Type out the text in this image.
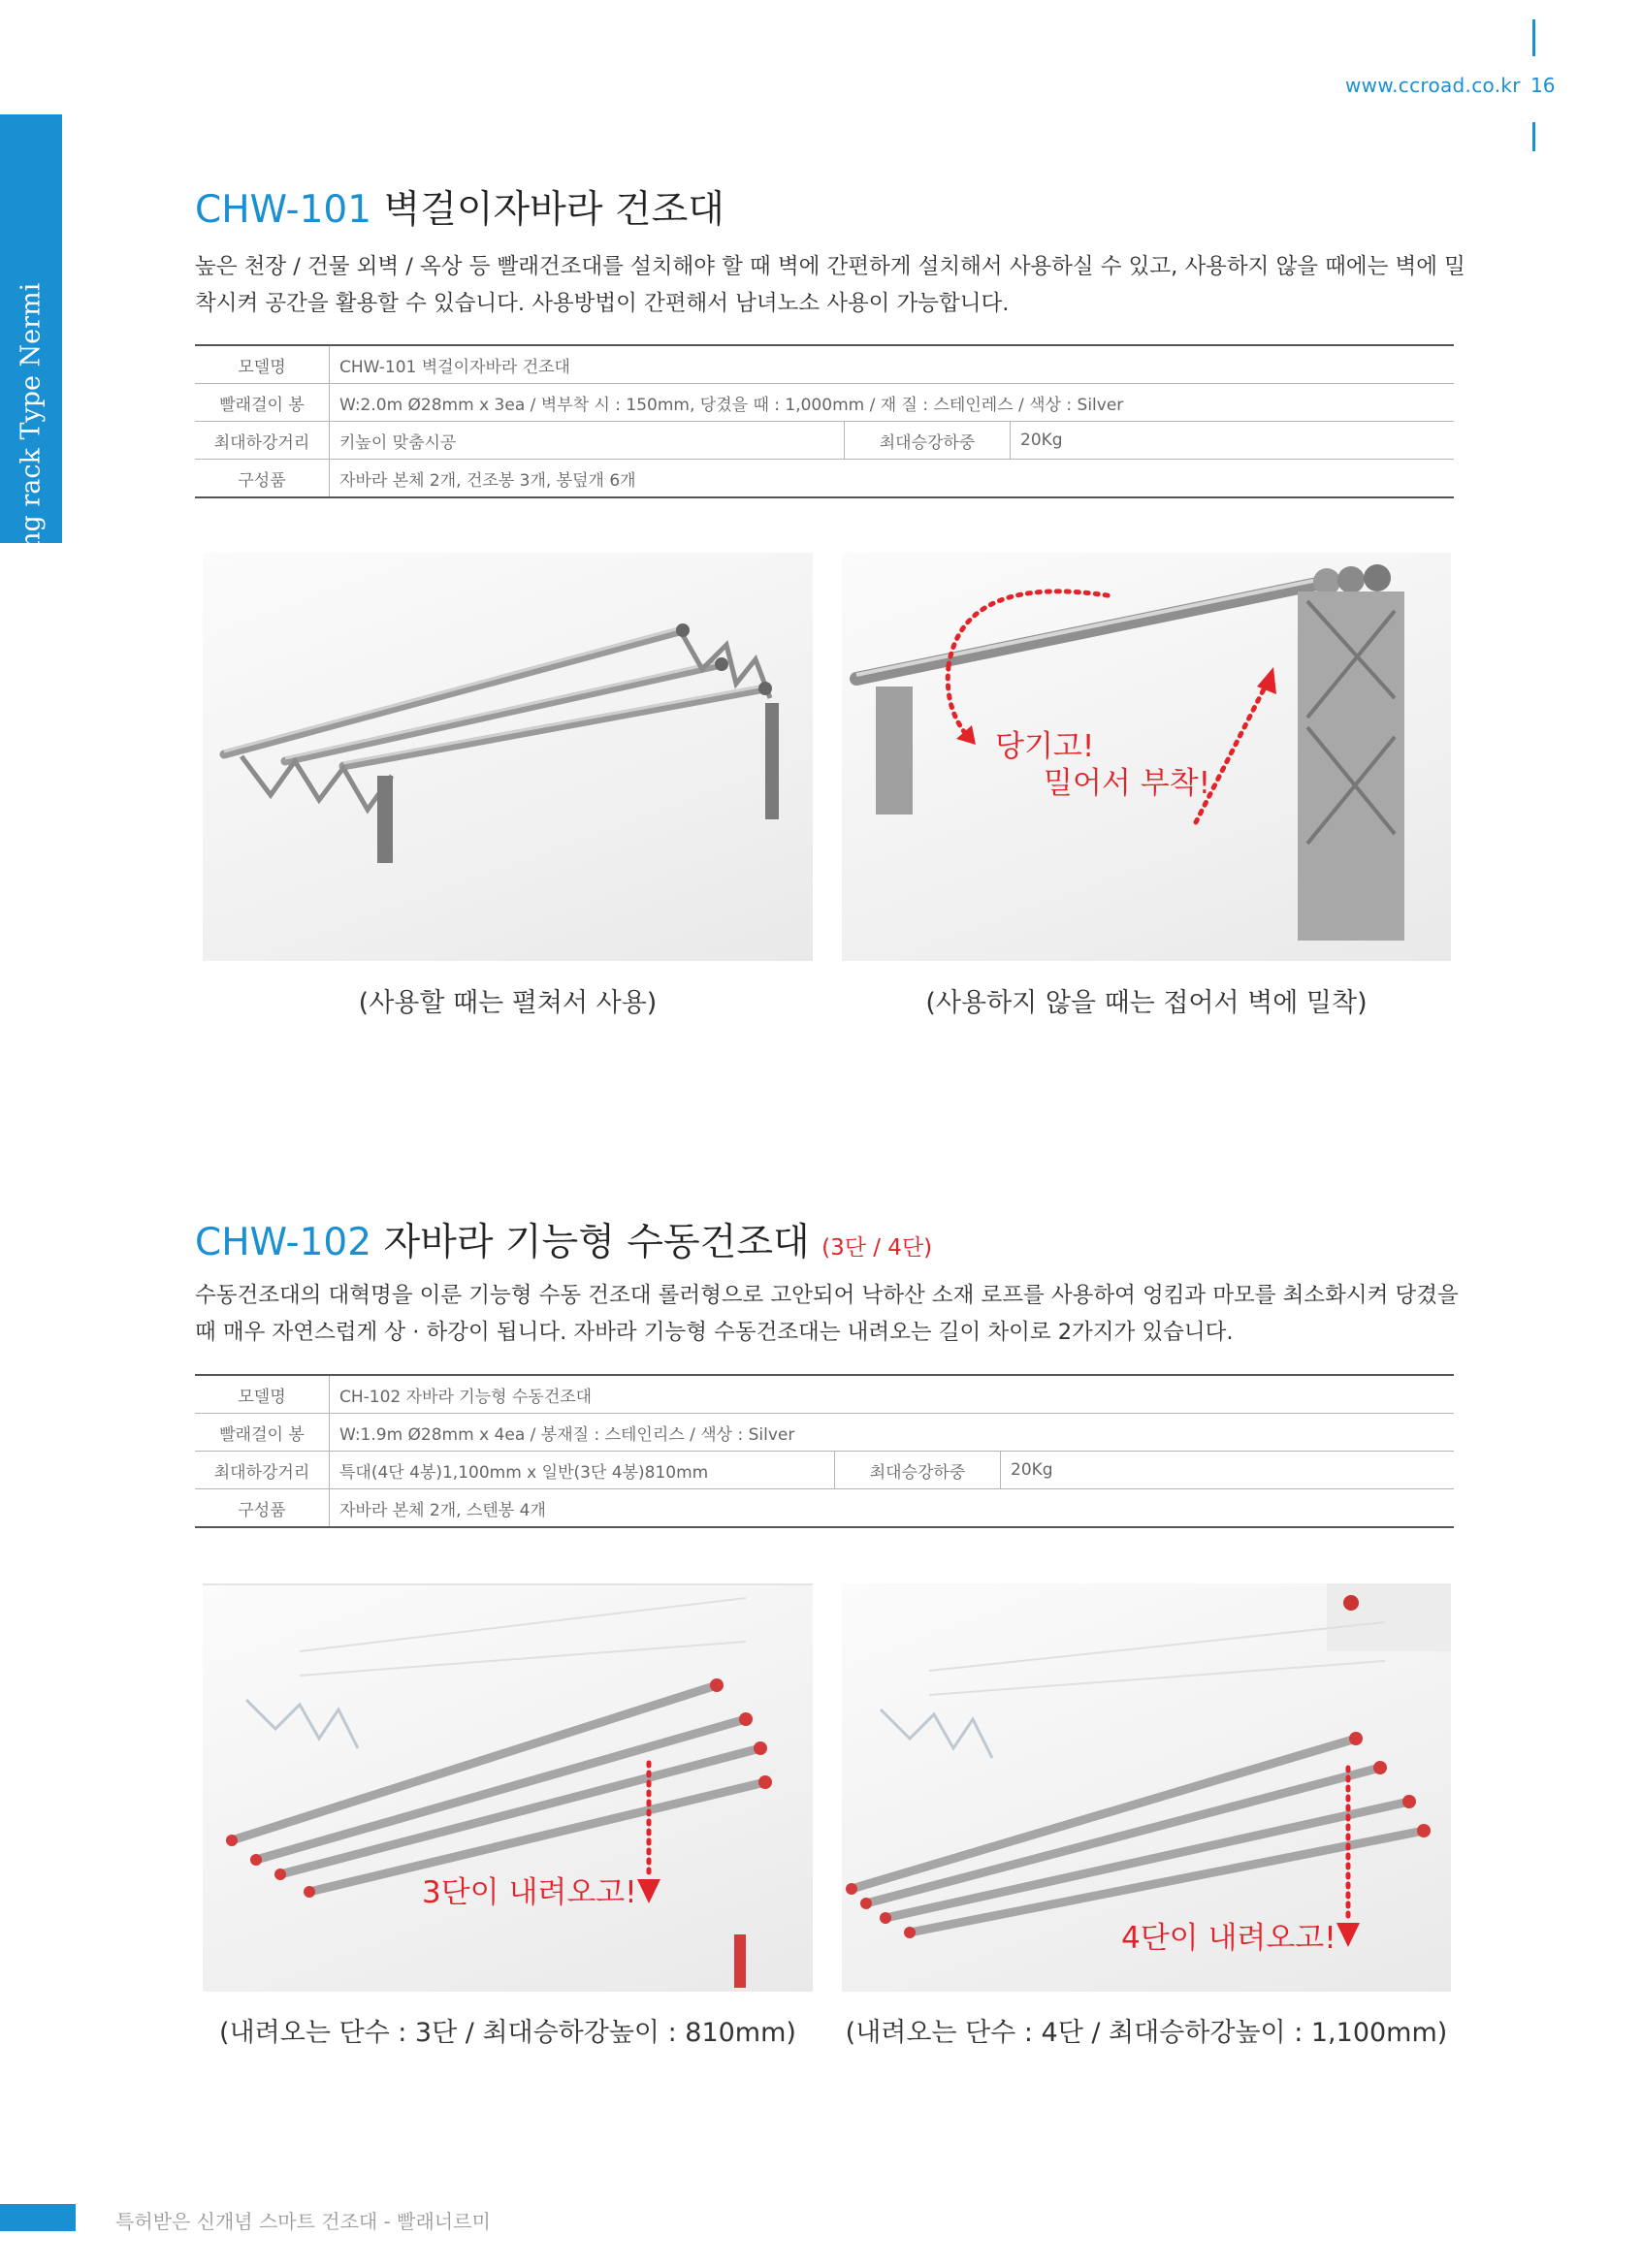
www.ccroad.co.kr 16
Drying rack Type Nermi
CHW-101 벽걸이자바라 건조대
높은 천장 / 건물 외벽 / 옥상 등 빨래건조대를 설치해야 할 때 벽에 간편하게 설치해서 사용하실 수 있고, 사용하지 않을 때에는 벽에 밀착시켜 공간을 활용할 수 있습니다. 사용방법이 간편해서 남녀노소 사용이 가능합니다.
모델명	CHW-101 벽걸이자바라 건조대		
빨래걸이 봉	W:2.0m Ø28mm x 3ea / 벽부착 시 : 150mm, 당겼을 때 : 1,000mm / 재 질 : 스테인레스 / 색상 : Silver		
최대하강거리	키높이 맞춤시공	최대승강하중	20Kg
구성품	자바라 본체 2개, 건조봉 3개, 봉덮개 6개		
당기고!
밀어서 부착!
(사용할 때는 펼쳐서 사용)	(사용하지 않을 때는 접어서 벽에 밀착)
CHW-102 자바라 기능형 수동건조대 (3단 / 4단)
수동건조대의 대혁명을 이룬 기능형 수동 건조대 롤러형으로 고안되어 낙하산 소재 로프를 사용하여 엉킴과 마모를 최소화시켜 당겼을 때 매우 자연스럽게 상 · 하강이 됩니다. 자바라 기능형 수동건조대는 내려오는 길이 차이로 2가지가 있습니다.
모델명	CH-102 자바라 기능형 수동건조대		
빨래걸이 봉	W:1.9m Ø28mm x 4ea / 봉재질 : 스테인리스 / 색상 : Silver		
최대하강거리	특대(4단 4봉)1,100mm x 일반(3단 4봉)810mm	최대승강하중	20Kg
구성품	자바라 본체 2개, 스텐봉 4개		
3단이 내려오고!
4단이 내려오고!
(내려오는 단수 : 3단 / 최대승하강높이 : 810mm)	(내려오는 단수 : 4단 / 최대승하강높이 : 1,100mm)
특허받은 신개념 스마트 건조대 - 빨래너르미
